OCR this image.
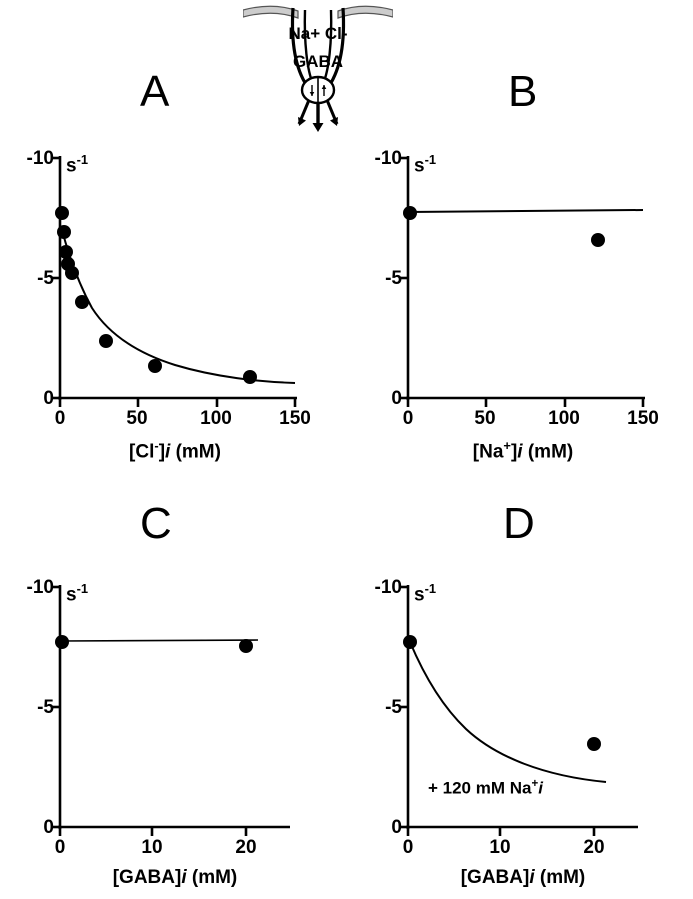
Na+ Cl-
GABA
A
-10
-5
0
$s^{-1}$
0	50	100 150
[Cl-]i (mM)
B
-10
-5
0
$s^{-1}$
0	50	100 150
[Na+]i (mM)
C
-10
-5
0
$s^{-1}$
0	10	20
[GABA]i (mM)
D
-10
-5
0
$s^{-1}$
0	10	20
[GABA]i (mM)
+ 120 mM Na+i
